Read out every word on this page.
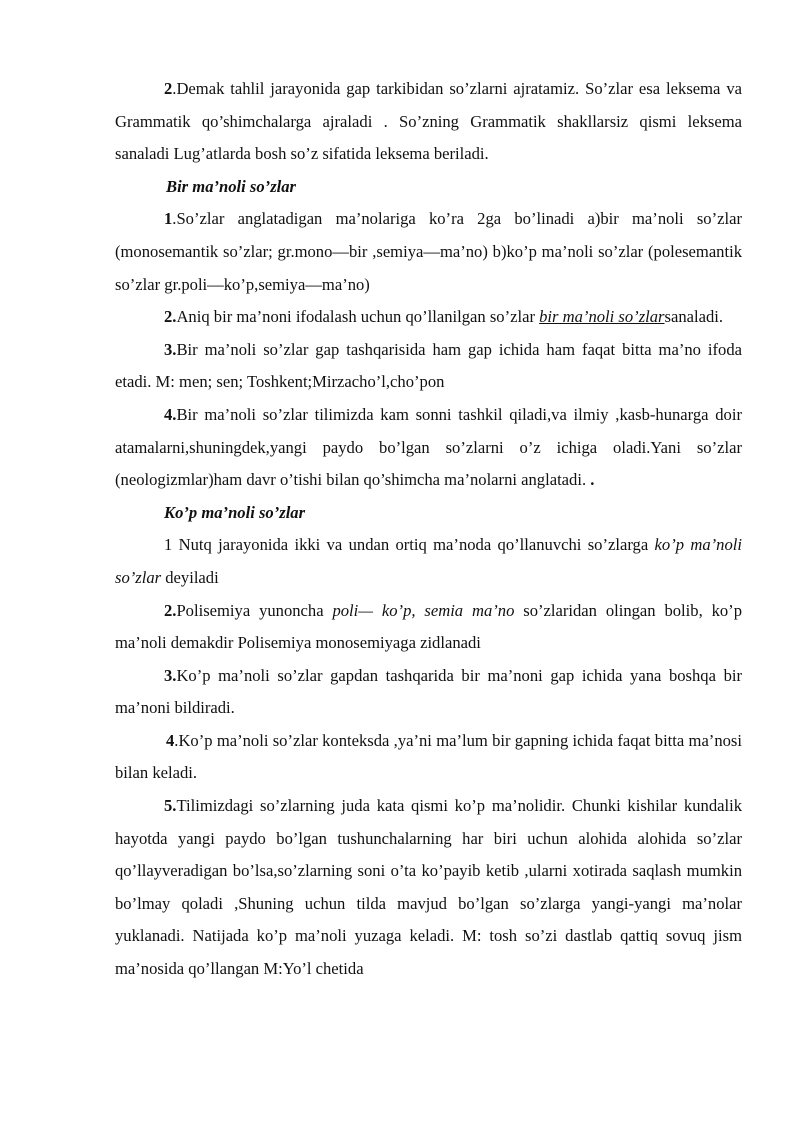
2.Demak tahlil jarayonida gap tarkibidan so’zlarni ajratamiz. So’zlar esa leksema va Grammatik qo’shimchalarga ajraladi . So’zning Grammatik shakllarsiz qismi leksema sanaladi Lug’atlarda bosh so’z sifatida leksema beriladi.

Bir ma’noli so’zlar

1.So’zlar anglatadigan ma’nolariga ko’ra 2ga bo’linadi a)bir ma’noli so’zlar (monosemantik so’zlar; gr.mono—bir ,semiya—ma’no) b)ko’p ma’noli so’zlar (polesemantik so’zlar gr.poli—ko’p,semiya—ma’no)

2.Aniq bir ma’noni ifodalash uchun qo’llanilgan so’zlar bir ma’noli so’zlarsanaladi.

3.Bir ma’noli so’zlar gap tashqarisida ham gap ichida ham faqat bitta ma’no ifoda etadi. M: men; sen; Toshkent;Mirzacho’l,cho’pon

4.Bir ma’noli so’zlar tilimizda kam sonni tashkil qiladi,va ilmiy ,kasb-hunarga doir atamalarni,shuningdek,yangi paydo bo’lgan so’zlarni o’z ichiga oladi.Yani so’zlar (neologizmlar)ham davr o’tishi bilan qo’shimcha ma’nolarni anglatadi. .

Ko’p ma’noli so’zlar

1 Nutq jarayonida ikki va undan ortiq ma’noda qo’llanuvchi so’zlarga ko’p ma’noli so’zlar deyiladi

2.Polisemiya yunoncha poli— ko’p, semia ma’no so’zlaridan olingan bolib, ko’p ma’noli demakdir Polisemiya monosemiyaga zidlanadi

3.Ko’p ma’noli so’zlar gapdan tashqarida bir ma’noni gap ichida yana boshqa bir ma’noni bildiradi.

4.Ko’p ma’noli so’zlar konteksda ,ya’ni ma’lum bir gapning ichida faqat bitta ma’nosi bilan keladi.

5.Tilimizdagi so’zlarning juda kata qismi ko’p ma’nolidir. Chunki kishilar kundalik hayotda yangi paydo bo’lgan tushunchalarning har biri uchun alohida alohida so’zlar qo’llayveradigan bo’lsa,so’zlarning soni o’ta ko’payib ketib ,ularni xotirada saqlash mumkin bo’lmay qoladi ,Shuning uchun tilda mavjud bo’lgan so’zlarga yangi-yangi ma’nolar yuklanadi. Natijada ko’p ma’noli yuzaga keladi. M: tosh so’zi dastlab qattiq sovuq jism ma’nosida qo’llangan M:Yo’l chetida
